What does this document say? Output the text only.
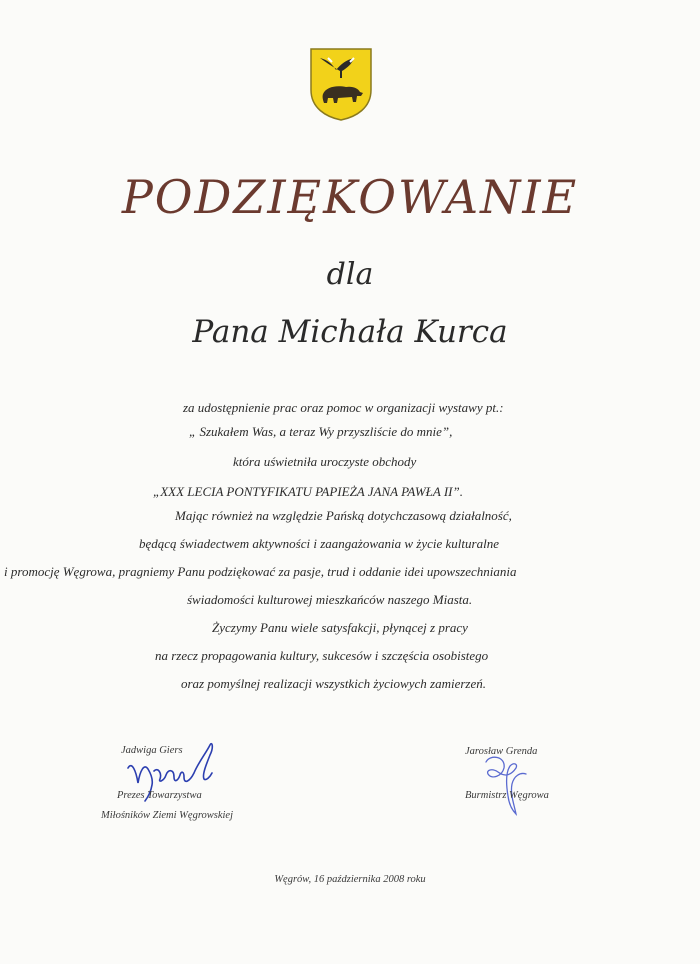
PODZIĘKOWANIE
dla
Pana Michała Kurca
za udostępnienie prac oraz pomoc w organizacji wystawy pt.:
„ Szukałem Was, a teraz Wy przyszliście do mnie”,
która uświetniła uroczyste obchody
„XXX LECIA PONTYFIKATU PAPIEŻA JANA PAWŁA II”.
Mając również na względzie Pańską dotychczasową działalność,
będącą świadectwem aktywności i zaangażowania w życie kulturalne
i promocję Węgrowa, pragniemy Panu podziękować za pasje, trud i oddanie idei upowszechniania
świadomości kulturowej mieszkańców naszego Miasta.
Życzymy Panu wiele satysfakcji, płynącej z pracy
na rzecz propagowania kultury, sukcesów i szczęścia osobistego
oraz pomyślnej realizacji wszystkich życiowych zamierzeń.
Jadwiga Giers
Prezes Towarzystwa
Miłośników Ziemi Węgrowskiej
Jarosław Grenda
Burmistrz Węgrowa
Węgrów, 16 października 2008 roku
